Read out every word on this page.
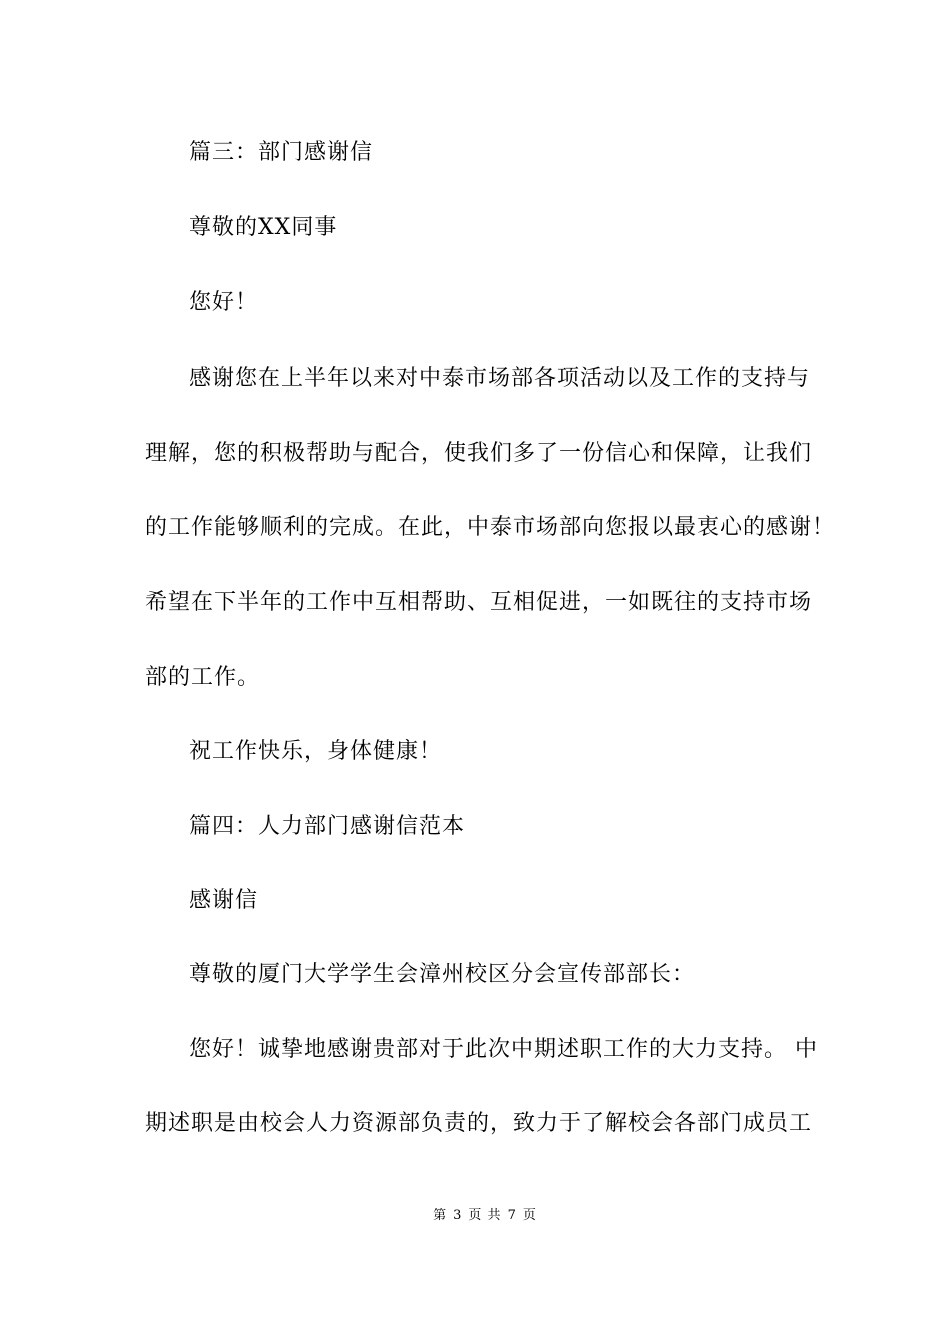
篇三：部门感谢信
尊敬的XX同事
您好！
感谢您在上半年以来对中泰市场部各项活动以及工作的支持与
理解，您的积极帮助与配合，使我们多了一份信心和保障，让我们
的工作能够顺利的完成。在此，中泰市场部向您报以最衷心的感谢！
希望在下半年的工作中互相帮助、互相促进，一如既往的支持市场
部的工作。
祝工作快乐，身体健康！
篇四：人力部门感谢信范本
感谢信
尊敬的厦门大学学生会漳州校区分会宣传部部长：
您好！诚挚地感谢贵部对于此次中期述职工作的大力支持。 中
期述职是由校会人力资源部负责的，致力于了解校会各部门成员工
第 3 页 共 7 页
